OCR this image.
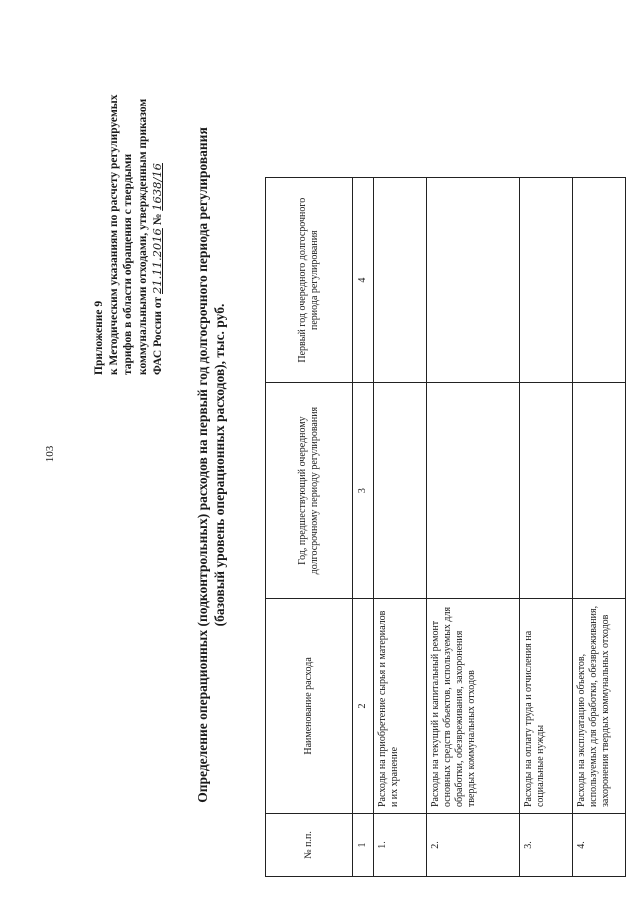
103
Приложение 9 к Методическим указаниям по расчету регулируемых тарифов в области обращения с твердыми коммунальными отходами, утвержденным приказом ФАС России от 21.11.2016 № 1638/16 Определение операционных (подконтрольных) расходов на первый год долгосрочного периода регулирования (базовый уровень операционных расходов), тыс. руб.
№ п.п.	Наименование расхода	Год, предшествующий очередному долгосрочному периоду регулирования	Первый год очередного долгосрочного периода регулирования
1	2	3	4
1.	Расходы на приобретение сырья и материалов и их хранение		
2.	Расходы на текущий и капитальный ремонт основных средств объектов, используемых для обработки, обезвреживания, захоронения твердых коммунальных отходов		
3.	Расходы на оплату труда и отчисления на социальные нужды		
4.	Расходы на эксплуатацию объектов, используемых для обработки, обезвреживания, захоронения твердых коммунальных отходов		
